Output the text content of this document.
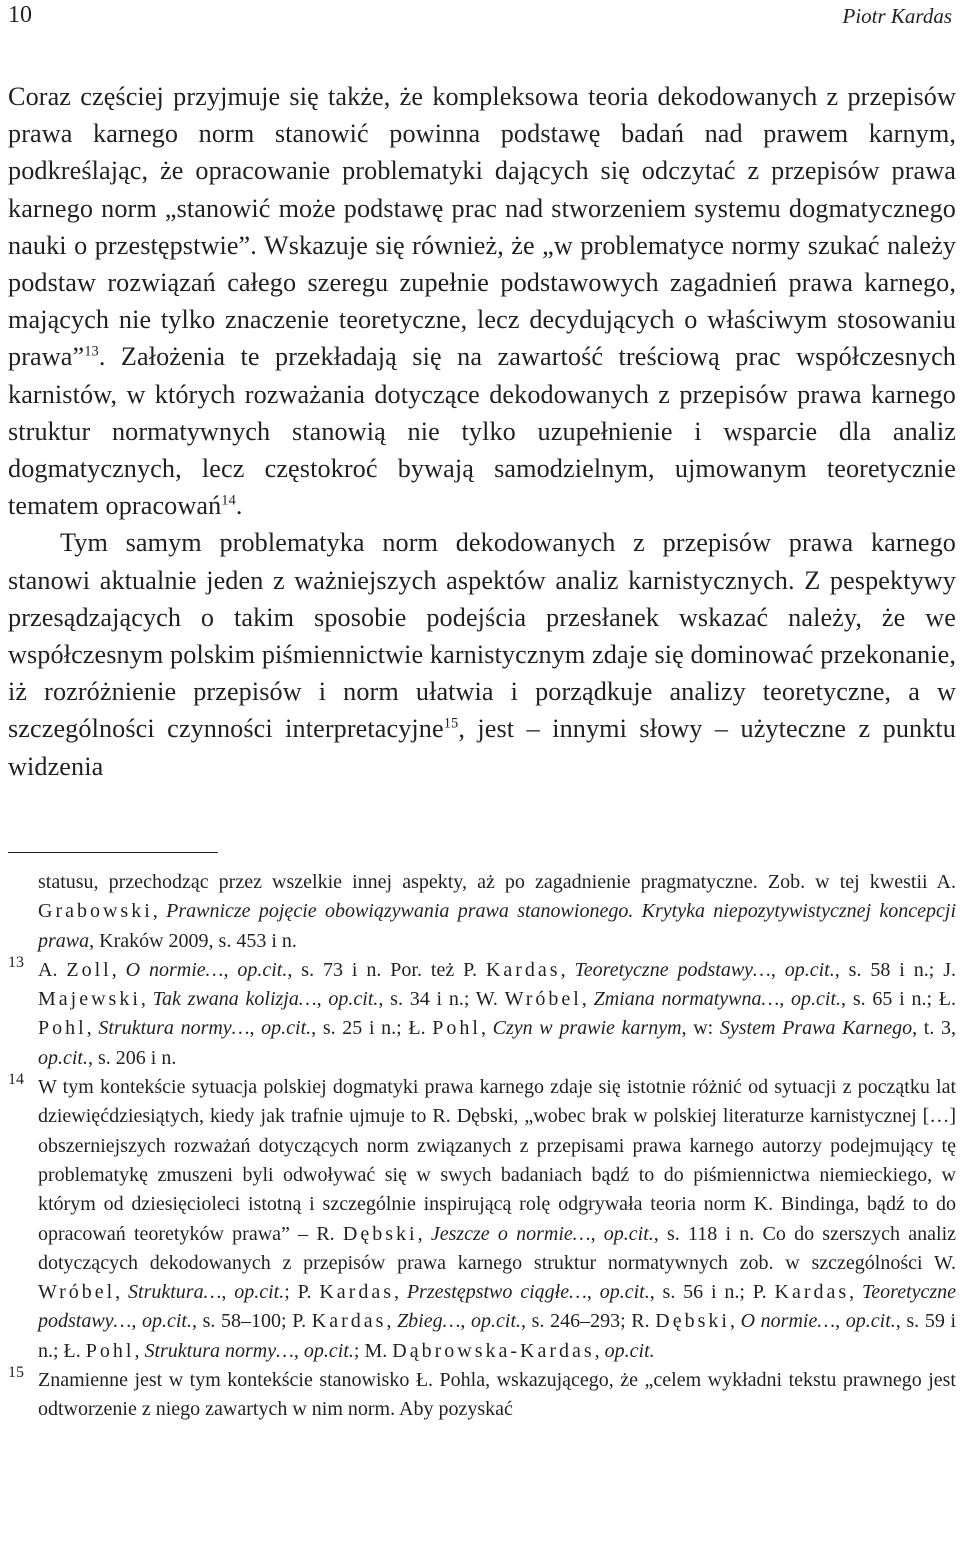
10	Piotr Kardas

Coraz częściej przyjmuje się także, że kompleksowa teoria dekodowanych z przepisów prawa karnego norm stanowić powinna podstawę badań nad prawem karnym, podkreślając, że opracowanie problematyki dających się odczytać z przepisów prawa karnego norm „stanowić może podstawę prac nad stworzeniem systemu dogmatycznego nauki o przestępstwie”. Wskazuje się również, że „w problematyce normy szukać należy podstaw rozwiązań całego szeregu zupełnie podstawowych zagadnień prawa karnego, mających nie tylko znaczenie teoretyczne, lecz decydujących o właściwym stosowaniu prawa”$^{13}$. Założenia te przekładają się na zawartość treściową prac współczesnych karnistów, w których rozważania dotyczące dekodowanych z przepisów prawa karnego struktur normatywnych stanowią nie tylko uzupełnienie i wsparcie dla analiz dogmatycznych, lecz częstokroć bywają samodzielnym, ujmowanym teoretycznie tematem opracowań$^{14}$.

Tym samym problematyka norm dekodowanych z przepisów prawa karnego stanowi aktualnie jeden z ważniejszych aspektów analiz karnistycznych. Z pespektywy przesądzających o takim sposobie podejścia przesłanek wskazać należy, że we współczesnym polskim piśmiennictwie karnistycznym zdaje się dominować przekonanie, iż rozróżnienie przepisów i norm ułatwia i porządkuje analizy teoretyczne, a w szczególności czynności interpretacyjne$^{15}$, jest – innymi słowy – użyteczne z punktu widzenia

statusu, przechodząc przez wszelkie innej aspekty, aż po zagadnienie pragmatyczne. Zob. w tej kwestii A. Grabowski, Prawnicze pojęcie obowiązywania prawa stanowionego. Krytyka niepozytywistycznej koncepcji prawa, Kraków 2009, s. 453 i n.
13 A. Zoll, O normie…, op.cit., s. 73 i n. Por. też P. Kardas, Teoretyczne podstawy…, op.cit., s. 58 i n.; J. Majewski, Tak zwana kolizja…, op.cit., s. 34 i n.; W. Wróbel, Zmiana normatywna…, op.cit., s. 65 i n.; Ł. Pohl, Struktura normy…, op.cit., s. 25 i n.; Ł. Pohl, Czyn w prawie karnym, w: System Prawa Karnego, t. 3, op.cit., s. 206 i n.
14 W tym kontekście sytuacja polskiej dogmatyki prawa karnego zdaje się istotnie różnić od sytuacji z początku lat dziewięćdziesiątych, kiedy jak trafnie ujmuje to R. Dębski, „wobec brak w polskiej literaturze karnistycznej […] obszerniejszych rozważań dotyczących norm związanych z przepisami prawa karnego autorzy podejmujący tę problematykę zmuszeni byli odwoływać się w swych badaniach bądź to do piśmiennictwa niemieckiego, w którym od dziesięcioleci istotną i szczególnie inspirującą rolę odgrywała teoria norm K. Bindinga, bądź to do opracowań teoretyków prawa” – R. Dębski, Jeszcze o normie…, op.cit., s. 118 i n. Co do szerszych analiz dotyczących dekodowanych z przepisów prawa karnego struktur normatywnych zob. w szczególności W. Wróbel, Struktura…, op.cit.; P. Kardas, Przestępstwo ciągłe…, op.cit., s. 56 i n.; P. Kardas, Teoretyczne podstawy…, op.cit., s. 58–100; P. Kardas, Zbieg…, op.cit., s. 246–293; R. Dębski, O normie…, op.cit., s. 59 i n.; Ł. Pohl, Struktura normy…, op.cit.; M. Dąbrowska-Kardas, op.cit.
15 Znamienne jest w tym kontekście stanowisko Ł. Pohla, wskazującego, że „celem wykładni tekstu prawnego jest odtworzenie z niego zawartych w nim norm. Aby pozyskać
